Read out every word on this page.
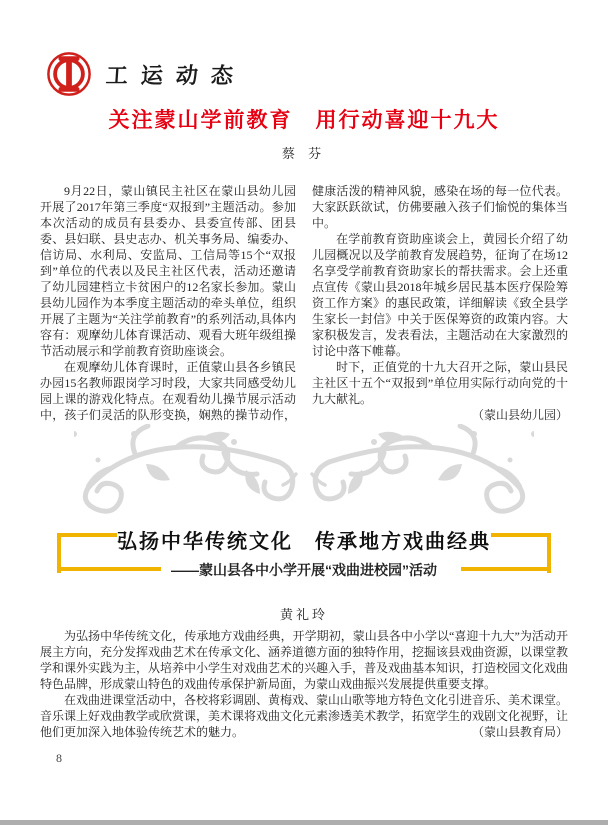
工运动态
关注蒙山学前教育　用行动喜迎十九大
蔡 芬

9月22日，蒙山镇民主社区在蒙山县幼儿园开展了2017年第三季度“双报到”主题活动。参加本次活动的成员有县委办、县委宣传部、团县委、县妇联、县史志办、机关事务局、编委办、信访局、水利局、安监局、工信局等15个“双报到”单位的代表以及民主社区代表，活动还邀请了幼儿园建档立卡贫困户的12名家长参加。蒙山县幼儿园作为本季度主题活动的牵头单位，组织开展了主题为“关注学前教育”的系列活动,具体内容有：观摩幼儿体育课活动、观看大班年级组操节活动展示和学前教育资助座谈会。

在观摩幼儿体育课时，正值蒙山县各乡镇民办园15名教师跟岗学习时段，大家共同感受幼儿园上课的游戏化特点。在观看幼儿操节展示活动中，孩子们灵活的队形变换，娴熟的操节动作，健康活泼的精神风貌，感染在场的每一位代表。大家跃跃欲试，仿佛要融入孩子们愉悦的集体当中。

在学前教育资助座谈会上，黄园长介绍了幼儿园概况以及学前教育发展趋势，征询了在场12名享受学前教育资助家长的帮扶需求。会上还重点宣传《蒙山县2018年城乡居民基本医疗保险筹资工作方案》的惠民政策，详细解读《致全县学生家长一封信》中关于医保筹资的政策内容。大家积极发言，发表看法，主题活动在大家激烈的讨论中落下帷幕。

时下，正值党的十九大召开之际，蒙山县民主社区十五个“双报到”单位用实际行动向党的十九大献礼。

（蒙山县幼儿园）
弘扬中华传统文化　传承地方戏曲经典
——蒙山县各中小学开展“戏曲进校园”活动
黄礼玲

为弘扬中华传统文化，传承地方戏曲经典，开学期初，蒙山县各中小学以“喜迎十九大”为活动开展主方向，充分发挥戏曲艺术在传承文化、涵养道德方面的独特作用，挖掘该县戏曲资源，以课堂教学和课外实践为主，从培养中小学生对戏曲艺术的兴趣入手，普及戏曲基本知识，打造校园文化戏曲特色品牌，形成蒙山特色的戏曲传承保护新局面，为蒙山戏曲振兴发展提供重要支撑。

在戏曲进课堂活动中，各校将彩调剧、黄梅戏、蒙山山歌等地方特色文化引进音乐、美术课堂。音乐课上好戏曲教学或欣赏课，美术课将戏曲文化元素渗透美术教学，拓宽学生的戏剧文化视野，让他们更加深入地体验传统艺术的魅力。	（蒙山县教育局）
8
